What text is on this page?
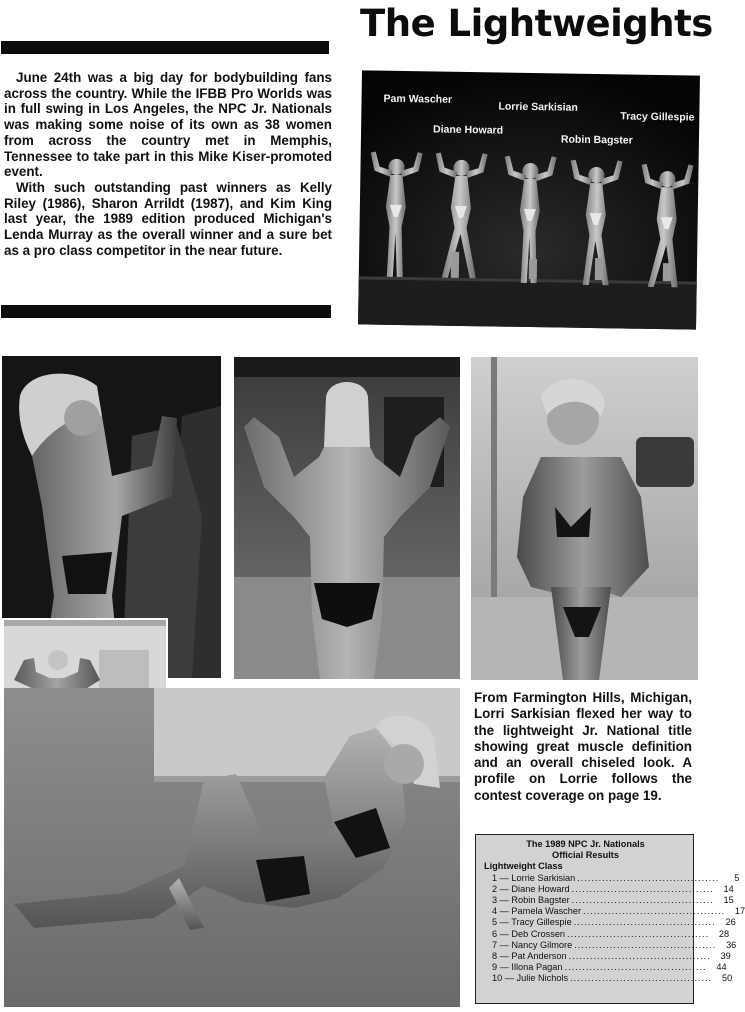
The Lightweights

June 24th was a big day for bodybuilding fans across the country. While the IFBB Pro Worlds was in full swing in Los Angeles, the NPC Jr. Nationals was making some noise of its own as 38 women from across the country met in Memphis, Tennessee to take part in this Mike Kiser-promoted event.

With such outstanding past winners as Kelly Riley (1986), Sharon Arrildt (1987), and Kim King last year, the 1989 edition produced Michigan's Lenda Murray as the overall winner and a sure bet as a pro class competitor in the near future.

Pam Wascher
Lorrie Sarkisian
Tracy Gillespie
Diane Howard
Robin Bagster

From Farmington Hills, Michigan, Lorri Sarkisian flexed her way to the lightweight Jr. National title showing great muscle definition and an overall chiseled look. A profile on Lorrie follows the contest coverage on page 19.

The 1989 NPC Jr. Nationals

Official Results

Lightweight Class

1 — Lorrie Sarkisian ........................................	5
2 — Diane Howard ........................................	14
3 — Robin Bagster ........................................	15
4 — Pamela Wascher ........................................	17
5 — Tracy Gillespie ........................................	26
6 — Deb Crossen ........................................	28
7 — Nancy Gilmore ........................................	36
8 — Pat Anderson ........................................	39
9 — Illona Pagan ........................................	44
10 — Julie Nichols ........................................	50
